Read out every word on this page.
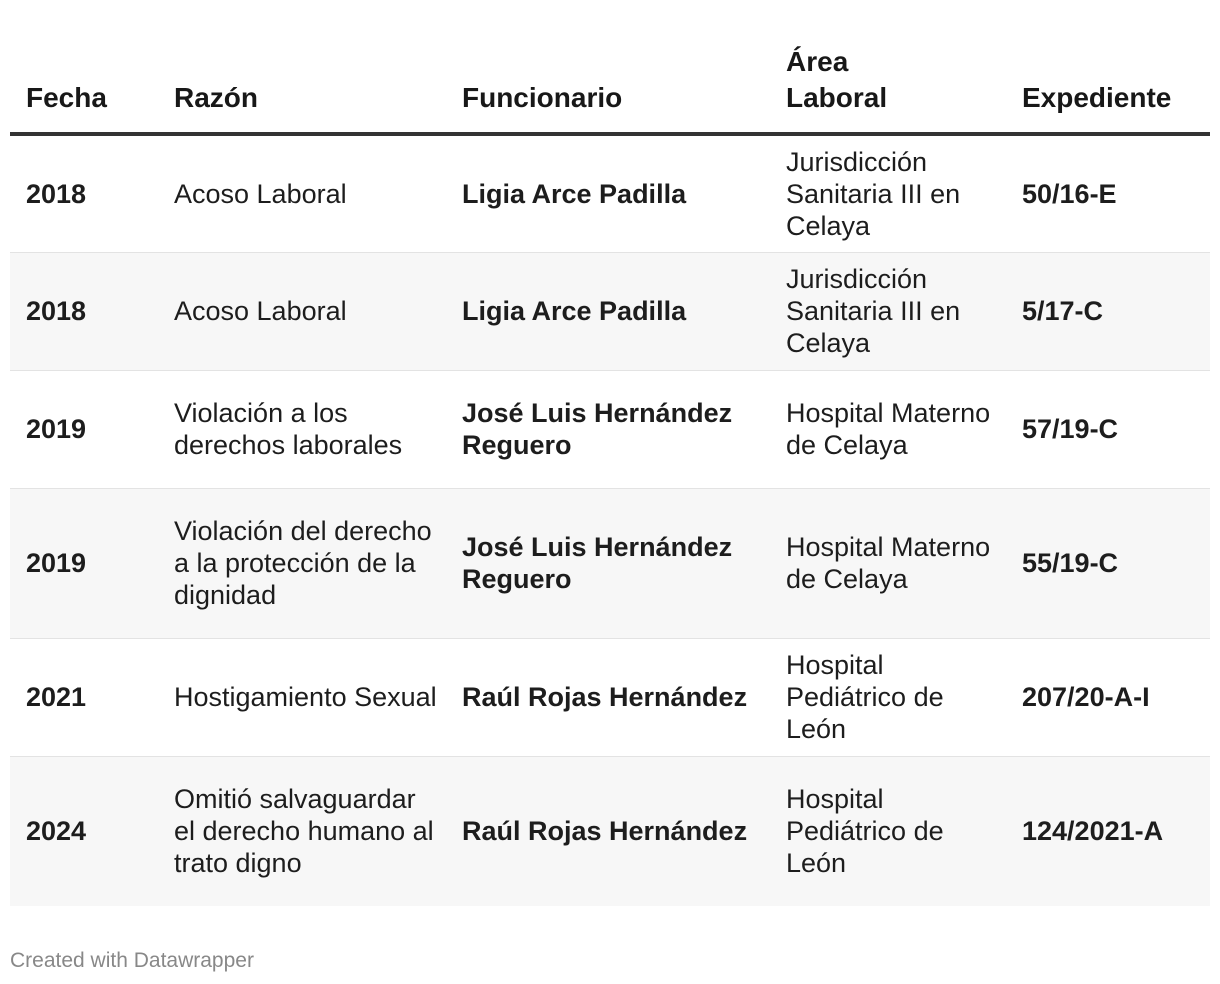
Fecha	Razón	Funcionario	Área Laboral	Expediente
2018	Acoso Laboral	Ligia Arce Padilla	Jurisdicción Sanitaria III en Celaya	50/16-E
2018	Acoso Laboral	Ligia Arce Padilla	Jurisdicción Sanitaria III en Celaya	5/17-C
2019	Violación a los derechos laborales	José Luis Hernández Reguero	Hospital Materno de Celaya	57/19-C
2019	Violación del derecho a la protección de la dignidad	José Luis Hernández Reguero	Hospital Materno de Celaya	55/19-C
2021	Hostigamiento Sexual	Raúl Rojas Hernández	Hospital Pediátrico de León	207/20-A-I
2024	Omitió salvaguardar el derecho humano al trato digno	Raúl Rojas Hernández	Hospital Pediátrico de León	124/2021-A
Created with Datawrapper
